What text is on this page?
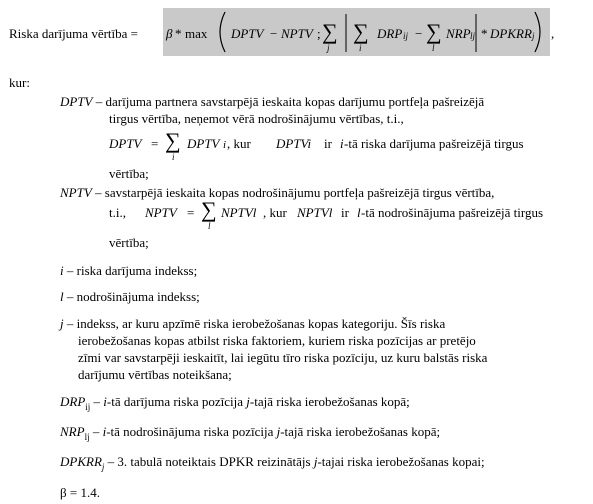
Riska darījuma vērtība = β * max DPTV − NPTV ; ∑
j
∑
i
DRP ij − ∑
l
NRP lj * DPKRR j ,
kur:
DPTV – darījuma partnera savstarpējā ieskaita kopas darījumu portfeļa pašreizējā
tirgus vērtība, neņemot vērā nodrošinājumu vērtības, t.i.,
DPTV = ∑
i
DPTV i , kur DPTVi ir i -tā riska darījuma pašreizējā tirgus
vērtība;
NPTV – savstarpējā ieskaita kopas nodrošinājumu portfeļa pašreizējā tirgus vērtība,
t.i., NPTV = ∑
l
NPTVl , kur NPTVl ir l -tā nodrošinājuma pašreizējā tirgus
vērtība;
i – riska darījuma indekss;
l – nodrošinājuma indekss;
j – indekss, ar kuru apzīmē riska ierobežošanas kopas kategoriju. Šīs riska
ierobežošanas kopas atbilst riska faktoriem, kuriem riska pozīcijas ar pretējo
zīmi var savstarpēji ieskaitīt, lai iegūtu tīro riska pozīciju, uz kuru balstās riska
darījumu vērtības noteikšana;
$DRP_{ij}$ – i-tā darījuma riska pozīcija j-tajā riska ierobežošanas kopā;
$NRP_{lj}$ – i-tā nodrošinājuma riska pozīcija j-tajā riska ierobežošanas kopā;
$DPKRR_j - 3$. tabulā noteiktais DPKR reizinātājs j-tajai riska ierobežošanas kopai;
β = 1.4.
